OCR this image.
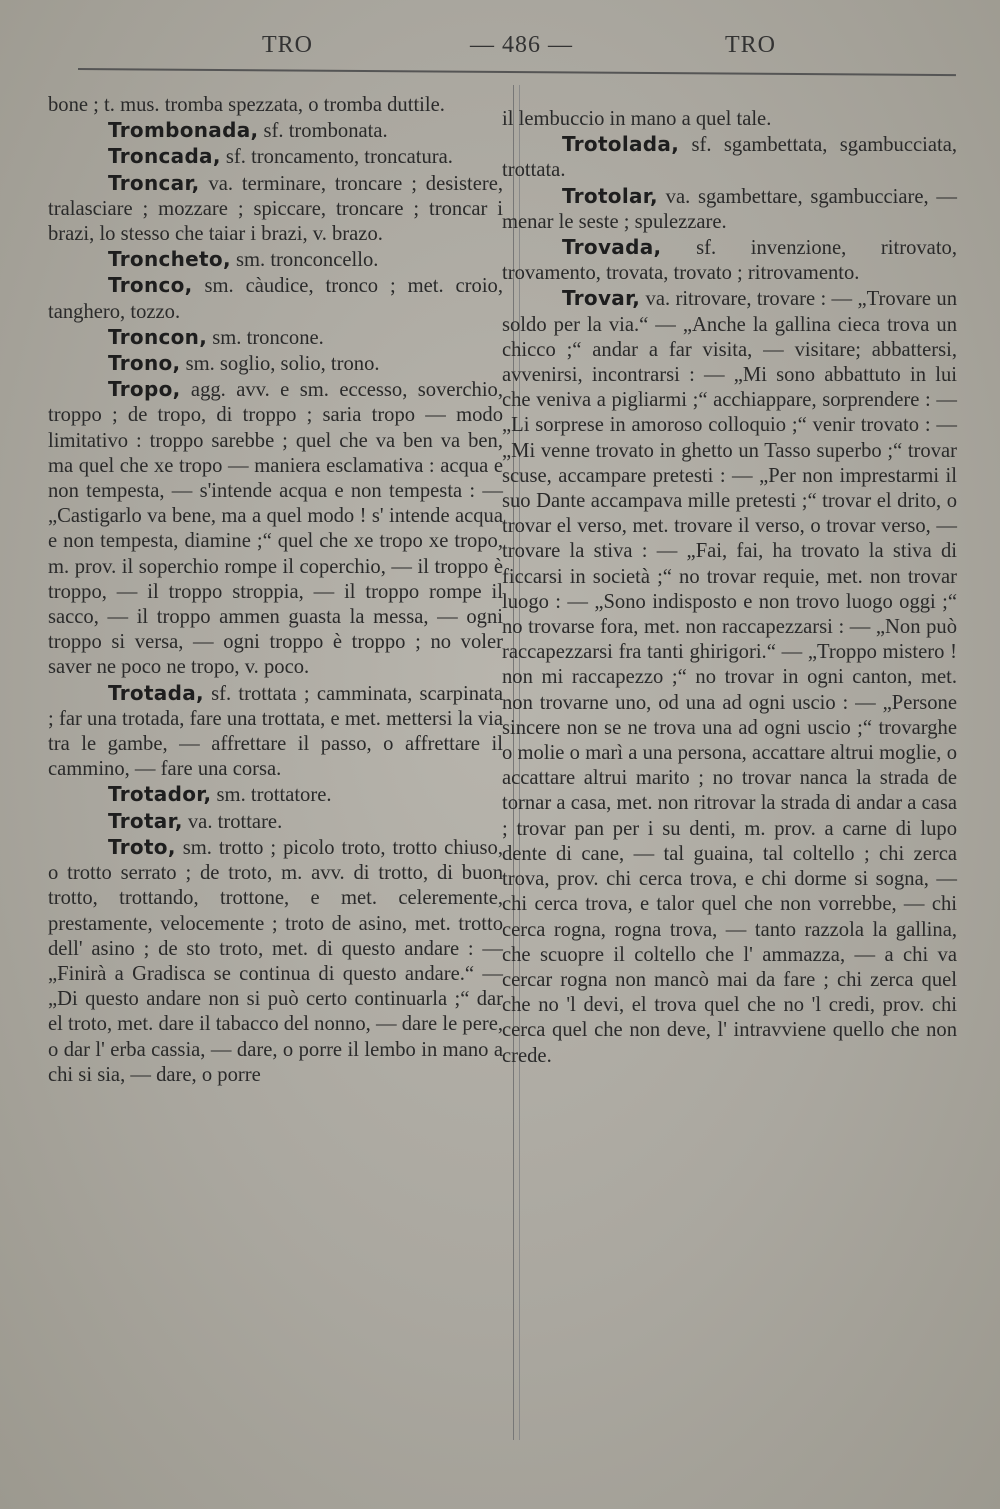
TRO	— 486 —	TRO

bone ; t. mus. tromba spezzata, o tromba duttile.

Trombonada, sf. trombonata.

Troncada, sf. troncamento, troncatura.

Troncar, va. terminare, troncare ; desistere, tralasciare ; mozzare ; spiccare, troncare ; troncar i brazi, lo stesso che taiar i brazi, v. brazo.

Troncheto, sm. tronconcello.

Tronco, sm. càudice, tronco ; met. croio, tanghero, tozzo.

Troncon, sm. troncone.

Trono, sm. soglio, solio, trono.

Tropo, agg. avv. e sm. eccesso, soverchio, troppo ; de tropo, di troppo ; saria tropo — modo limitativo : troppo sarebbe ; quel che va ben va ben, ma quel che xe tropo — maniera esclamativa : acqua e non tempesta, — s'intende acqua e non tempesta : — „Castigarlo va bene, ma a quel modo ! s' intende acqua e non tempesta, diamine ;“ quel che xe tropo xe tropo, m. prov. il soperchio rompe il coperchio, — il troppo è troppo, — il troppo stroppia, — il troppo rompe il sacco, — il troppo ammen guasta la messa, — ogni troppo si versa, — ogni troppo è troppo ; no voler saver ne poco ne tropo, v. poco.

Trotada, sf. trottata ; camminata, scarpinata ; far una trotada, fare una trottata, e met. mettersi la via tra le gambe, — affrettare il passo, o affrettare il cammino, — fare una corsa.

Trotador, sm. trottatore.

Trotar, va. trottare.

Troto, sm. trotto ; picolo troto, trotto chiuso, o trotto serrato ; de troto, m. avv. di trotto, di buon trotto, trottando, trottone, e met. celeremente, prestamente, velocemente ; troto de asino, met. trotto dell' asino ; de sto troto, met. di questo andare : — „Finirà a Gradisca se continua di questo andare.“ — „Di questo andare non si può certo continuarla ;“ dar el troto, met. dare il tabacco del nonno, — dare le pere, o dar l' erba cassia, — dare, o porre il lembo in mano a chi si sia, — dare, o porre

il lembuccio in mano a quel tale.

Trotolada, sf. sgambettata, sgambucciata, trottata.

Trotolar, va. sgambettare, sgambucciare, — menar le seste ; spulezzare.

Trovada, sf. invenzione, ritrovato, trovamento, trovata, trovato ; ritrovamento.

Trovar, va. ritrovare, trovare : — „Trovare un soldo per la via.“ — „Anche la gallina cieca trova un chicco ;“ andar a far visita, — visitare; abbattersi, avvenirsi, incontrarsi : — „Mi sono abbattuto in lui che veniva a pigliarmi ;“ acchiappare, sorprendere : — „Li sorprese in amoroso colloquio ;“ venir trovato : — „Mi venne trovato in ghetto un Tasso superbo ;“ trovar scuse, accampare pretesti : — „Per non imprestarmi il suo Dante accampava mille pretesti ;“ trovar el drito, o trovar el verso, met. trovare il verso, o trovar verso, — trovare la stiva : — „Fai, fai, ha trovato la stiva di ficcarsi in società ;“ no trovar requie, met. non trovar luogo : — „Sono indisposto e non trovo luogo oggi ;“ no trovarse fora, met. non raccapezzarsi : — „Non può raccapezzarsi fra tanti ghirigori.“ — „Troppo mistero ! non mi raccapezzo ;“ no trovar in ogni canton, met. non trovarne uno, od una ad ogni uscio : — „Persone sincere non se ne trova una ad ogni uscio ;“ trovarghe o molie o marì a una persona, accattare altrui moglie, o accattare altrui marito ; no trovar nanca la strada de tornar a casa, met. non ritrovar la strada di andar a casa ; trovar pan per i su denti, m. prov. a carne di lupo dente di cane, — tal guaina, tal coltello ; chi zerca trova, prov. chi cerca trova, e chi dorme si sogna, — chi cerca trova, e talor quel che non vorrebbe, — chi cerca rogna, rogna trova, — tanto razzola la gallina, che scuopre il coltello che l' ammazza, — a chi va cercar rogna non mancò mai da fare ; chi zerca quel che no 'l devi, el trova quel che no 'l credi, prov. chi cerca quel che non deve, l' intravviene quello che non crede.
